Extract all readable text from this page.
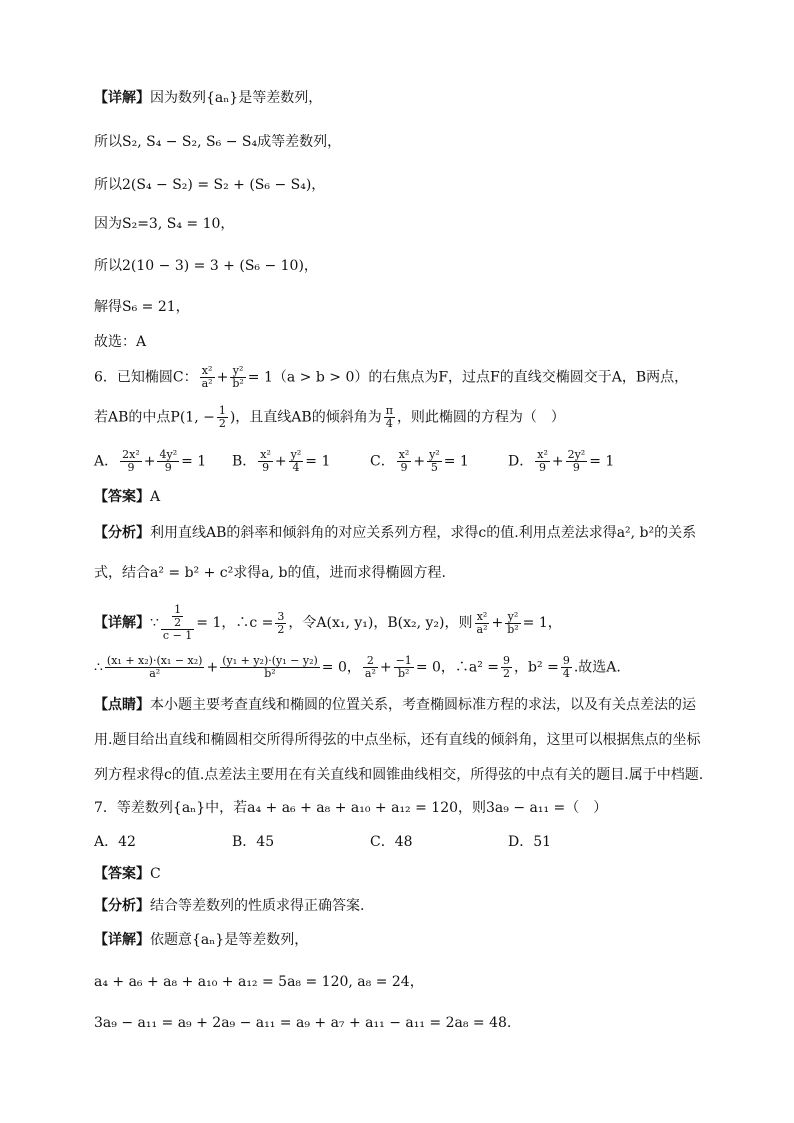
【详解】因为数列{aₙ}是等差数列，
所以S₂, S₄ − S₂, S₆ − S₄成等差数列，
所以2(S₄ − S₂) = S₂ + (S₆ − S₄)，
因为S₂=3, S₄ = 10，
所以2(10 − 3) = 3 + (S₆ − 10)，
解得S₆ = 21，
故选：A
6．已知椭圆C： $\frac{\text{x²}}{\text{a²}} + \frac{\text{y²}}{\text{b²}} = 1(a > b > 0)$的右焦点为F，过点F的直线交椭圆交于A，B两点，
若AB的中点P(1, − $\frac{1}{2}$ )，且直线AB的倾斜角为 $\frac{\pi}{4}$ ，则此椭圆的方程为（　）
A． $\frac{\text{2x²}}{9} + \frac{\text{4y²}}{9} = 1$ B． $\frac{\text{x²}}{9} + \frac{\text{y²}}{4} = 1$	C． $\frac{\text{x²}}{9} + \frac{\text{y²}}{5} = 1$	D． $\frac{\text{x²}}{9} + \frac{\text{2y²}}{9} = 1$
【答案】A
【分析】利用直线AB的斜率和倾斜角的对应关系列方程，求得c的值.利用点差法求得a², b²的关系
式，结合a² = b² + c²求得a, b的值，进而求得椭圆方程.
【详解】∵ $\frac{\frac{1}{2}}{c - 1} = 1$，∴c = $\frac{3}{2}$ ，令A(x₁, y₁)，B(x₂, y₂)，则 $\frac{\text{x²}}{\text{a²}} + \frac{\text{y²}}{\text{b²}} = 1$，
∴ $\frac{\text{(x₁ + x₂)·(x₁ − x₂)}}{\text{a²}} + \frac{\text{(y₁ + y₂)·(y₁ − y₂)}}{\text{b²}} = 0$， $\frac{2}{\text{a²}} + \frac{-1}{\text{b²}} = 0$，∴a² = $\frac{9}{2}$ ，$b^2 = \frac{9}{4}$ .故选A.
【点睛】本小题主要考查直线和椭圆的位置关系，考查椭圆标准方程的求法，以及有关点差法的运
用.题目给出直线和椭圆相交所得所得弦的中点坐标，还有直线的倾斜角，这里可以根据焦点的坐标
列方程求得c的值.点差法主要用在有关直线和圆锥曲线相交，所得弦的中点有关的题目.属于中档题.
7．等差数列{aₙ}中，若a₄ + a₆ + a₈ + a₁₀ + a₁₂ = 120，则3a₉ − a₁₁ =（　）
A．42	B．45	C．48	D．51
【答案】C
【分析】结合等差数列的性质求得正确答案.
【详解】依题意{aₙ}是等差数列，
a₄ + a₆ + a₈ + a₁₀ + a₁₂ = 5a₈ = 120, a₈ = 24，
3a₉ − a₁₁ = a₉ + 2a₉ − a₁₁ = a₉ + a₇ + a₁₁ − a₁₁ = 2a₈ = 48.
